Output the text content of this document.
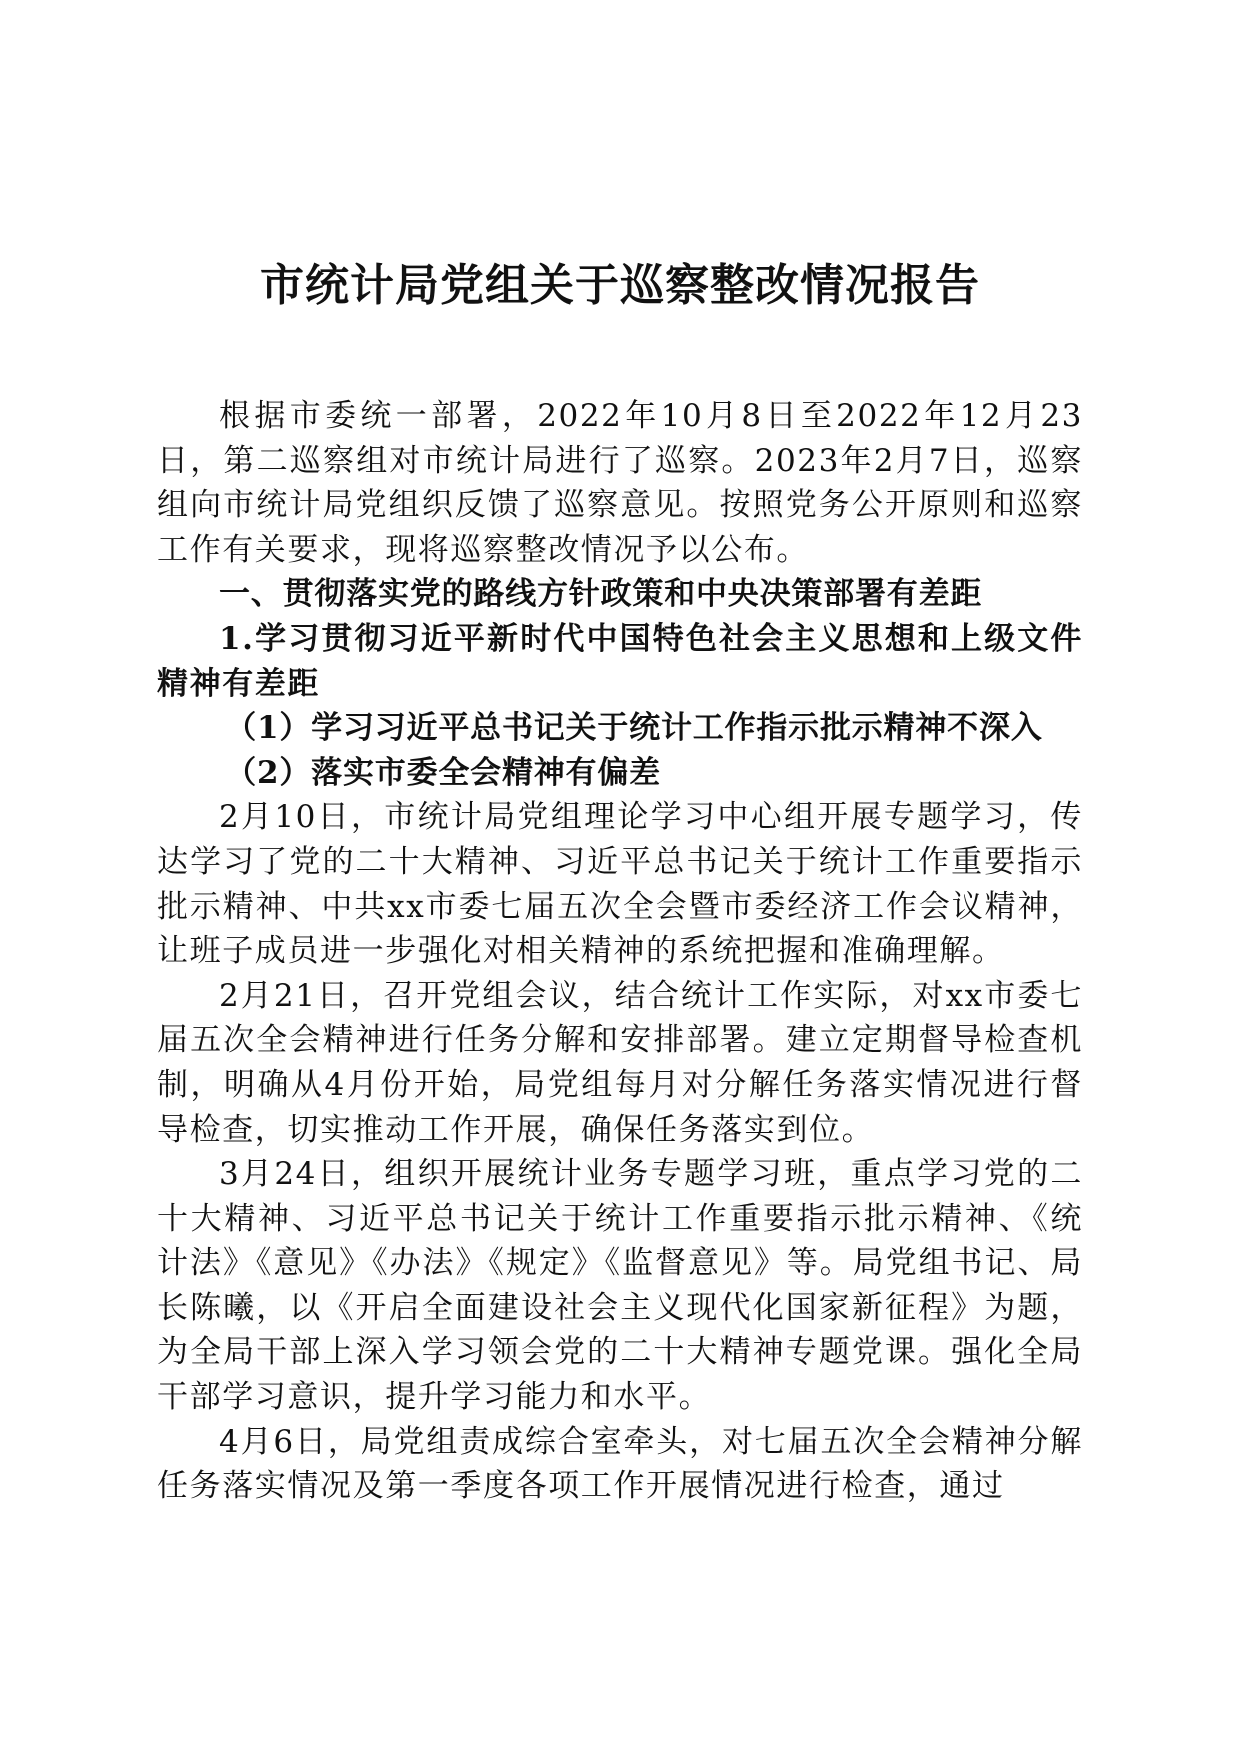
市统计局党组关于巡察整改情况报告

根据市委统一部署，2022年10月8日至2022年12月23日，第二巡察组对市统计局进行了巡察。2023年2月7日，巡察组向市统计局党组织反馈了巡察意见。按照党务公开原则和巡察工作有关要求，现将巡察整改情况予以公布。

一、贯彻落实党的路线方针政策和中央决策部署有差距

1.学习贯彻习近平新时代中国特色社会主义思想和上级文件精神有差距

（1）学习习近平总书记关于统计工作指示批示精神不深入

（2）落实市委全会精神有偏差

2月10日，市统计局党组理论学习中心组开展专题学习，传达学习了党的二十大精神、习近平总书记关于统计工作重要指示批示精神、中共xx市委七届五次全会暨市委经济工作会议精神，让班子成员进一步强化对相关精神的系统把握和准确理解。

2月21日，召开党组会议，结合统计工作实际，对xx市委七届五次全会精神进行任务分解和安排部署。建立定期督导检查机制，明确从4月份开始，局党组每月对分解任务落实情况进行督导检查，切实推动工作开展，确保任务落实到位。

3月24日，组织开展统计业务专题学习班，重点学习党的二十大精神、习近平总书记关于统计工作重要指示批示精神、《统计法》《意见》《办法》《规定》《监督意见》等。局党组书记、局长陈曦，以《开启全面建设社会主义现代化国家新征程》为题，为全局干部上深入学习领会党的二十大精神专题党课。强化全局干部学习意识，提升学习能力和水平。

4月6日，局党组责成综合室牵头，对七届五次全会精神分解任务落实情况及第一季度各项工作开展情况进行检查，通过
